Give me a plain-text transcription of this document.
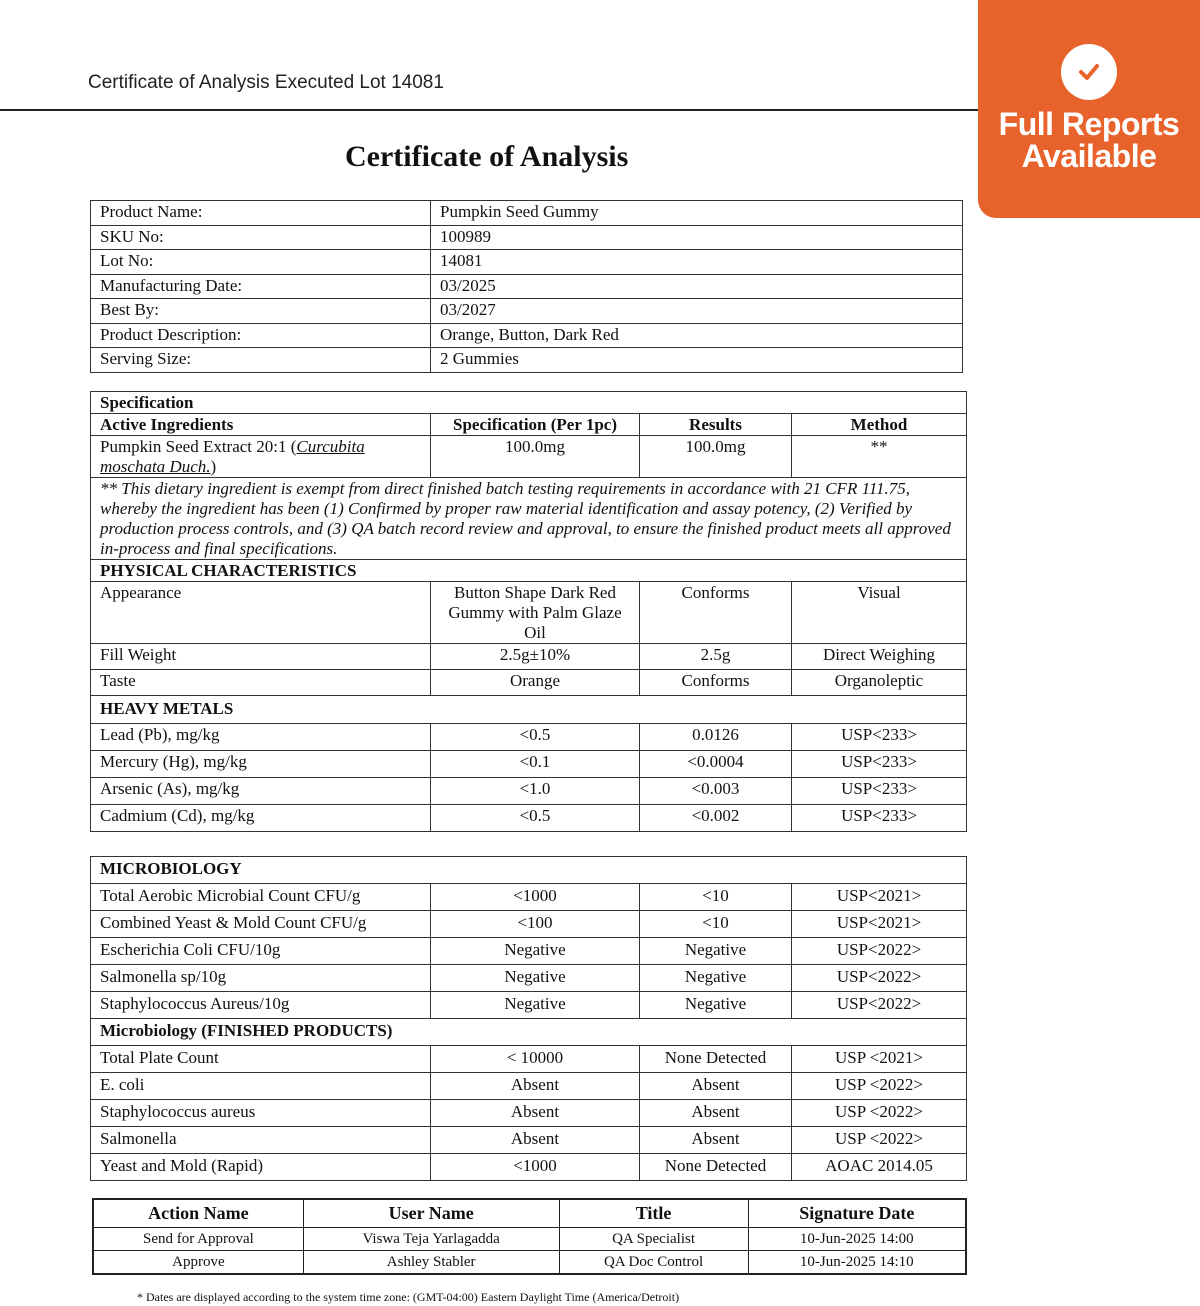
Certificate of Analysis Executed Lot 14081
Full Reports
Available
Certificate of Analysis
Product Name:	Pumpkin Seed Gummy
SKU No:	100989
Lot No:	14081
Manufacturing Date:	03/2025
Best By:	03/2027
Product Description:	Orange, Button, Dark Red
Serving Size:	2 Gummies
Specification			
Active Ingredients	Specification (Per 1pc)	Results	Method
Pumpkin Seed Extract 20:1 (Curcubita
moschata Duch.)	100.0mg	100.0mg	**
** This dietary ingredient is exempt from direct finished batch testing requirements in accordance with 21 CFR 111.75, whereby the ingredient has been (1) Confirmed by proper raw material identification and assay potency, (2) Verified by production process controls, and (3) QA batch record review and approval, to ensure the finished product meets all approved in-process and final specifications.			
PHYSICAL CHARACTERISTICS			
Appearance	Button Shape Dark Red Gummy with Palm Glaze Oil	Conforms	Visual
Fill Weight	2.5g±10%	2.5g	Direct Weighing
Taste	Orange	Conforms	Organoleptic
HEAVY METALS			
Lead (Pb), mg/kg	<0.5	0.0126	USP<233>
Mercury (Hg), mg/kg	<0.1	<0.0004	USP<233>
Arsenic (As), mg/kg	<1.0	<0.003	USP<233>
Cadmium (Cd), mg/kg	<0.5	<0.002	USP<233>
MICROBIOLOGY			
Total Aerobic Microbial Count CFU/g	<1000	<10	USP<2021>
Combined Yeast & Mold Count CFU/g	<100	<10	USP<2021>
Escherichia Coli CFU/10g	Negative	Negative	USP<2022>
Salmonella sp/10g	Negative	Negative	USP<2022>
Staphylococcus Aureus/10g	Negative	Negative	USP<2022>
Microbiology (FINISHED PRODUCTS)			
Total Plate Count	< 10000	None Detected	USP <2021>
E. coli	Absent	Absent	USP <2022>
Staphylococcus aureus	Absent	Absent	USP <2022>
Salmonella	Absent	Absent	USP <2022>
Yeast and Mold (Rapid)	<1000	None Detected	AOAC 2014.05
Action Name	User Name	Title	Signature Date
Send for Approval	Viswa Teja Yarlagadda	QA Specialist	10-Jun-2025 14:00
Approve	Ashley Stabler	QA Doc Control	10-Jun-2025 14:10
* Dates are displayed according to the system time zone: (GMT-04:00) Eastern Daylight Time (America/Detroit)
